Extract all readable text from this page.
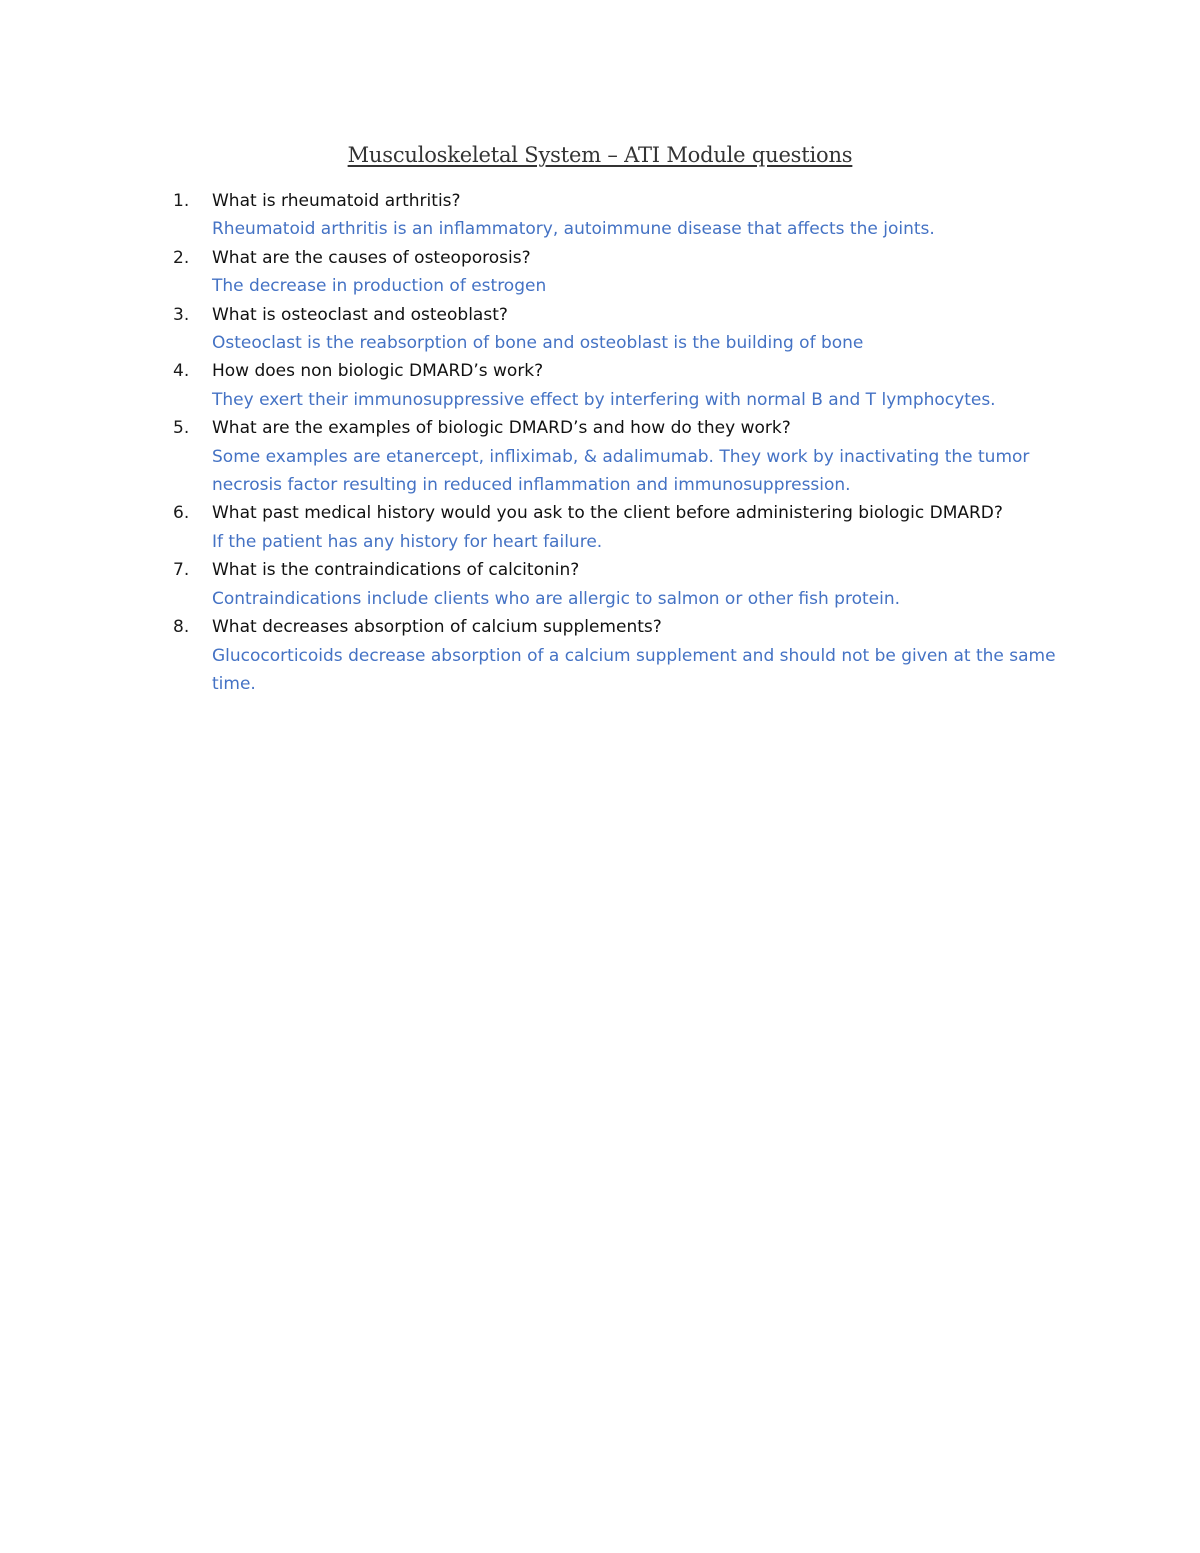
Musculoskeletal System – ATI Module questions
1. What is rheumatoid arthritis?
Rheumatoid arthritis is an inflammatory, autoimmune disease that affects the joints.
2. What are the causes of osteoporosis?
The decrease in production of estrogen
3. What is osteoclast and osteoblast?
Osteoclast is the reabsorption of bone and osteoblast is the building of bone
4. How does non biologic DMARD’s work?
They exert their immunosuppressive effect by interfering with normal B and T lymphocytes.
5. What are the examples of biologic DMARD’s and how do they work?
Some examples are etanercept, infliximab, & adalimumab. They work by inactivating the tumor necrosis factor resulting in reduced inflammation and immunosuppression.
6. What past medical history would you ask to the client before administering biologic DMARD?
If the patient has any history for heart failure.
7. What is the contraindications of calcitonin?
Contraindications include clients who are allergic to salmon or other fish protein.
8. What decreases absorption of calcium supplements?
Glucocorticoids decrease absorption of a calcium supplement and should not be given at the same time.
